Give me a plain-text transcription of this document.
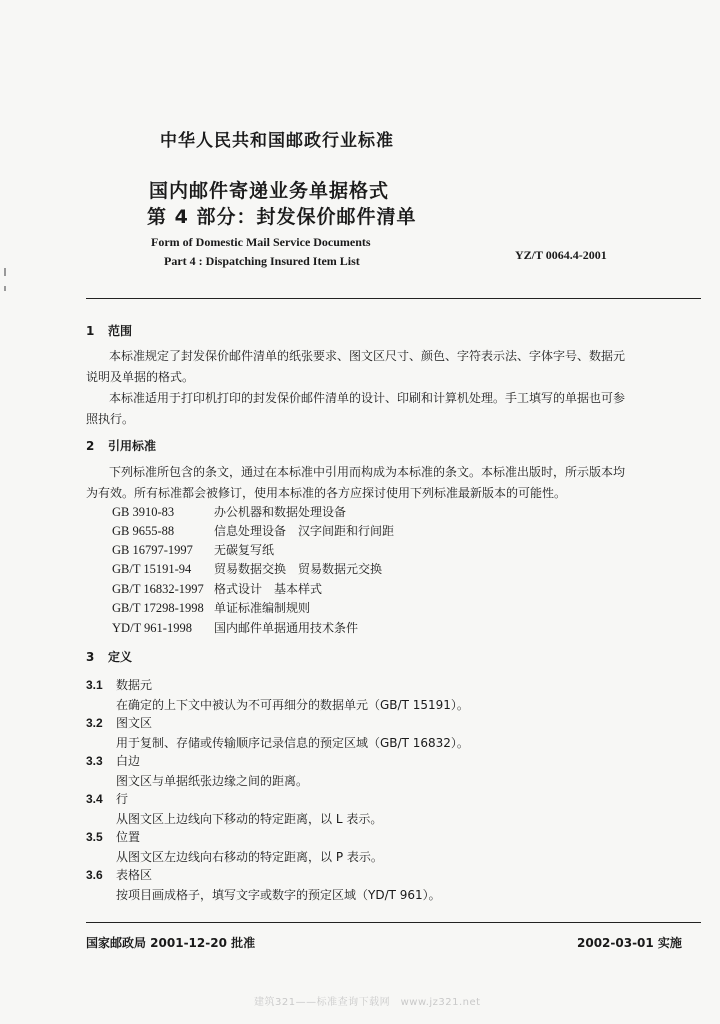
中华人民共和国邮政行业标准
国内邮件寄递业务单据格式
第 4 部分：封发保价邮件清单
Form of Domestic Mail Service Documents
Part 4 : Dispatching Insured Item List	YZ/T 0064.4-2001
1 范围
本标准规定了封发保价邮件清单的纸张要求、图文区尺寸、颜色、字符表示法、字体字号、数据元
说明及单据的格式。
本标准适用于打印机打印的封发保价邮件清单的设计、印刷和计算机处理。手工填写的单据也可参
照执行。
2 引用标准
下列标准所包含的条文，通过在本标准中引用而构成为本标准的条文。本标准出版时，所示版本均
为有效。所有标准都会被修订，使用本标准的各方应探讨使用下列标准最新版本的可能性。
GB 3910-83	办公机器和数据处理设备
GB 9655-88	信息处理设备　汉字间距和行间距
GB 16797-1997 无碳复写纸
GB/T 15191-94 贸易数据交换　贸易数据元交换
GB/T 16832-1997 格式设计　基本样式
GB/T 17298-1998 单证标准编制规则
YD/T 961-1998 国内邮件单据通用技术条件
3 定义
3.1 数据元
在确定的上下文中被认为不可再细分的数据单元（GB/T 15191）。
3.2 图文区
用于复制、存储或传输顺序记录信息的预定区域（GB/T 16832）。
3.3 白边
图文区与单据纸张边缘之间的距离。
3.4 行
从图文区上边线向下移动的特定距离，以 L 表示。
3.5 位置
从图文区左边线向右移动的特定距离，以 P 表示。
3.6 表格区
按项目画成格子，填写文字或数字的预定区域（YD/T 961）。
国家邮政局 2001-12-20 批准	2002-03-01 实施
建筑321——标准查询下载网　www.jz321.net
